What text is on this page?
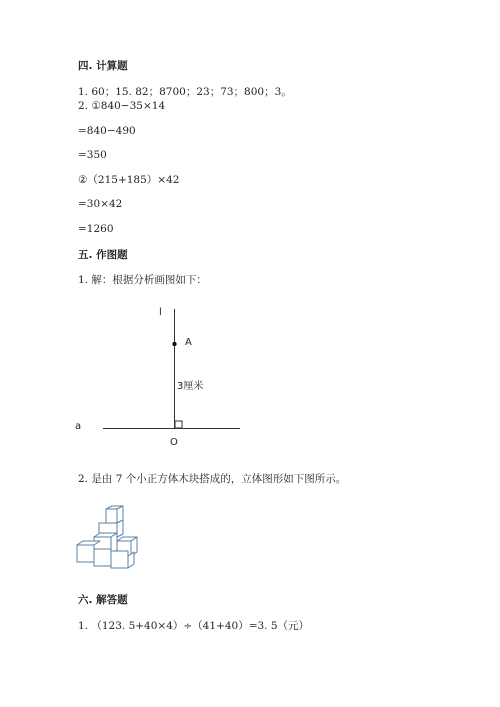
四. 计算题
1. 60；15. 82；8700；23；73；800；3。
2. ①840−35×14
=840−490
=350
②（215+185）×42
=30×42
=1260
五. 作图题
1. 解：根据分析画图如下：
l
A
3厘米
a
O
2. 是由 7 个小正方体木块搭成的，立体图形如下图所示。
六. 解答题
1. （123. 5+40×4）÷（41+40）=3. 5（元）
